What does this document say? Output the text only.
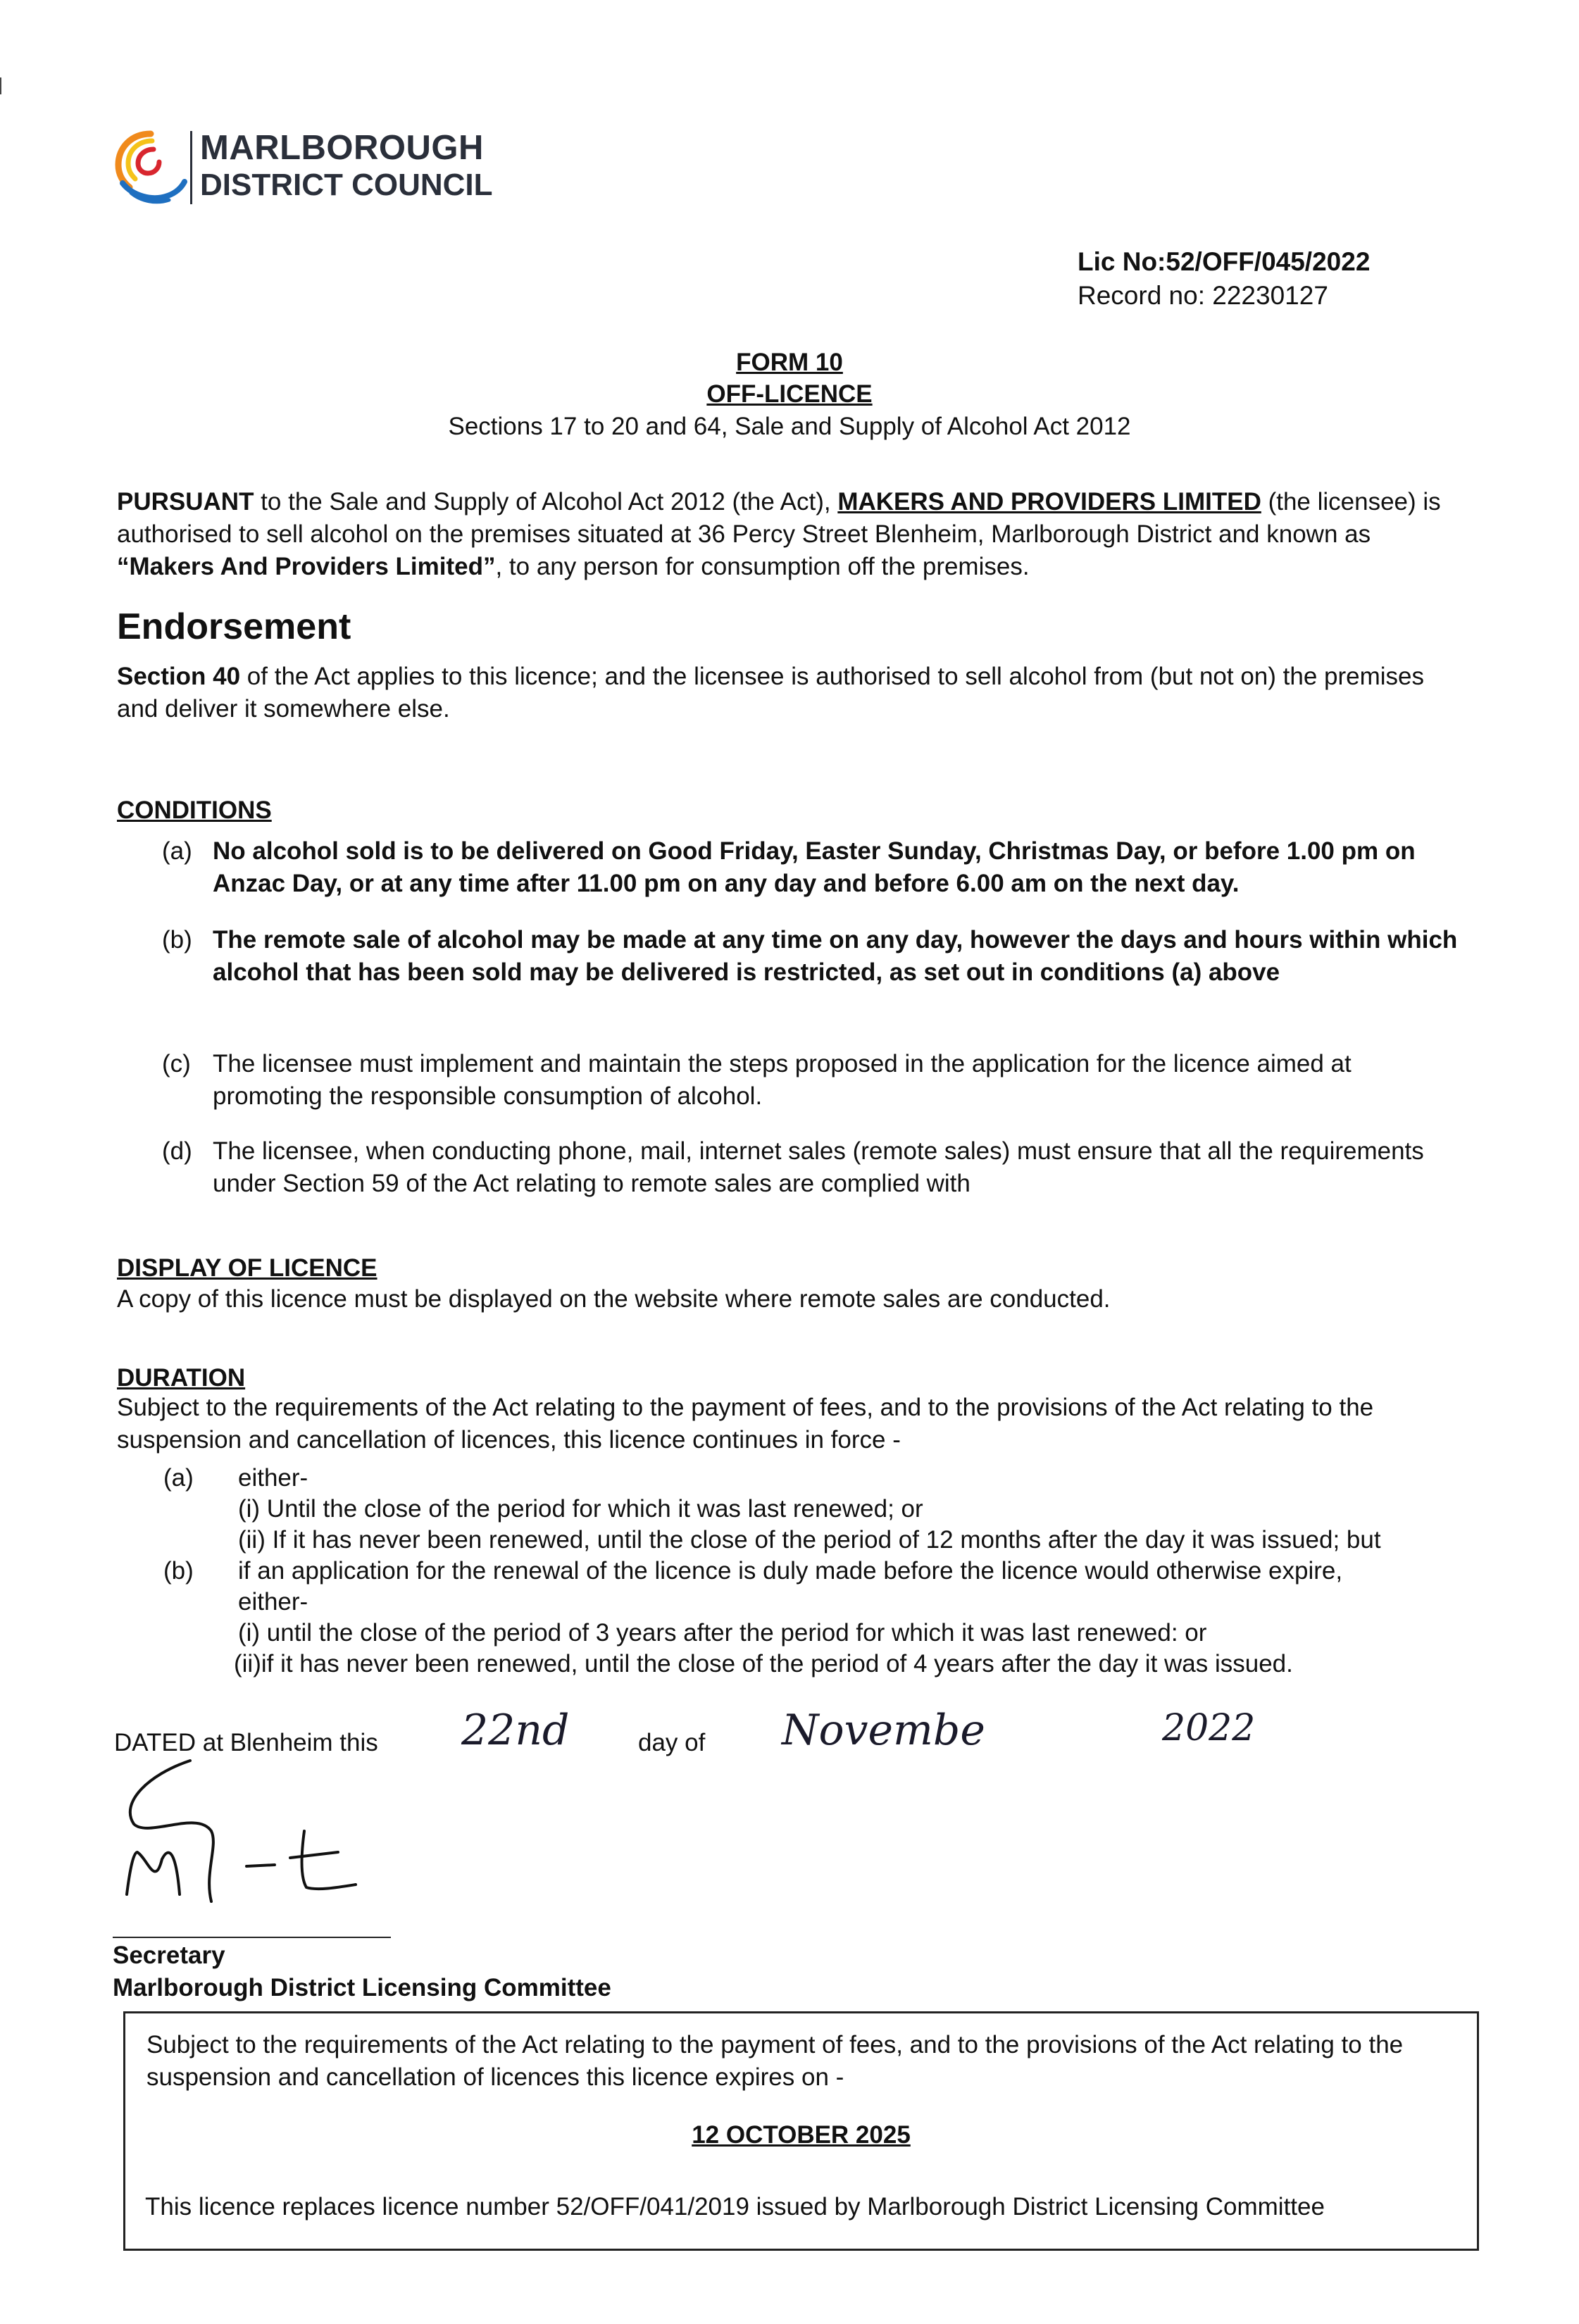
MARLBOROUGH
DISTRICT COUNCIL
Lic No:52/OFF/045/2022
Record no: 22230127
FORM 10
OFF-LICENCE
Sections 17 to 20 and 64, Sale and Supply of Alcohol Act 2012
PURSUANT to the Sale and Supply of Alcohol Act 2012 (the Act), MAKERS AND PROVIDERS LIMITED (the licensee) is authorised to sell alcohol on the premises situated at 36 Percy Street Blenheim, Marlborough District and known as “Makers And Providers Limited”, to any person for consumption off the premises.
Endorsement
Section 40 of the Act applies to this licence; and the licensee is authorised to sell alcohol from (but not on) the premises and deliver it somewhere else.
CONDITIONS
(a) No alcohol sold is to be delivered on Good Friday, Easter Sunday, Christmas Day, or before 1.00 pm on Anzac Day, or at any time after 11.00 pm on any day and before 6.00 am on the next day.
(b) The remote sale of alcohol may be made at any time on any day, however the days and hours within which alcohol that has been sold may be delivered is restricted, as set out in conditions (a) above
(c) The licensee must implement and maintain the steps proposed in the application for the licence aimed at promoting the responsible consumption of alcohol.
(d) The licensee, when conducting phone, mail, internet sales (remote sales) must ensure that all the requirements under Section 59 of the Act relating to remote sales are complied with
DISPLAY OF LICENCE
A copy of this licence must be displayed on the website where remote sales are conducted.
DURATION
Subject to the requirements of the Act relating to the payment of fees, and to the provisions of the Act relating to the suspension and cancellation of licences, this licence continues in force -
(a) either-
(i) Until the close of the period for which it was last renewed; or
(ii) If it has never been renewed, until the close of the period of 12 months after the day it was issued; but
(b) if an application for the renewal of the licence is duly made before the licence would otherwise expire,
either-
(i) until the close of the period of 3 years after the period for which it was last renewed: or
(ii)if it has never been renewed, until the close of the period of 4 years after the day it was issued.
DATED at Blenheim this 22nd	day of Novembe	2022
Secretary
Marlborough District Licensing Committee
Subject to the requirements of the Act relating to the payment of fees, and to the provisions of the Act relating to the suspension and cancellation of licences this licence expires on -
12 OCTOBER 2025
This licence replaces licence number 52/OFF/041/2019 issued by Marlborough District Licensing Committee
